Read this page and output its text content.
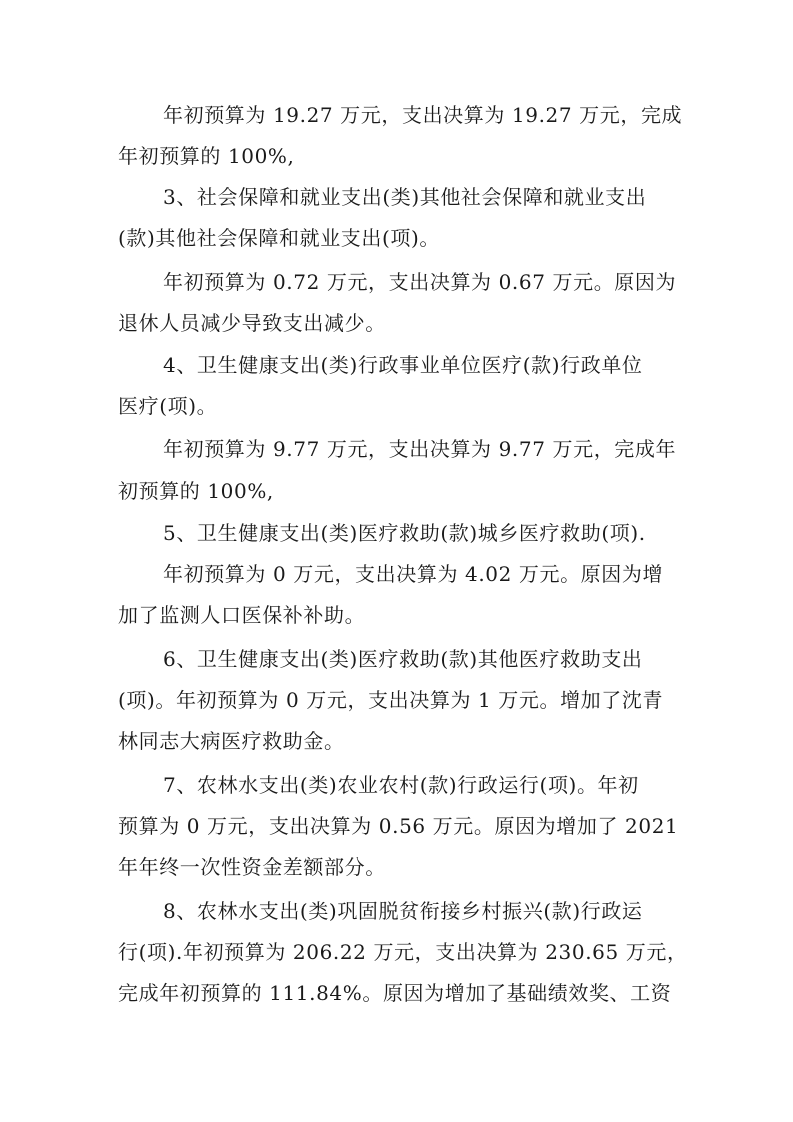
年初预算为 19.27 万元，支出决算为 19.27 万元，完成
年初预算的 100%,
3、社会保障和就业支出(类)其他社会保障和就业支出
(款)其他社会保障和就业支出(项)。
年初预算为 0.72 万元，支出决算为 0.67 万元。原因为
退休人员减少导致支出减少。
4、卫生健康支出(类)行政事业单位医疗(款)行政单位
医疗(项)。
年初预算为 9.77 万元，支出决算为 9.77 万元，完成年
初预算的 100%,
5、卫生健康支出(类)医疗救助(款)城乡医疗救助(项).
年初预算为 0 万元，支出决算为 4.02 万元。原因为增
加了监测人口医保补补助。
6、卫生健康支出(类)医疗救助(款)其他医疗救助支出
(项)。年初预算为 0 万元，支出决算为 1 万元。增加了沈青
林同志大病医疗救助金。
7、农林水支出(类)农业农村(款)行政运行(项)。年初
预算为 0 万元，支出决算为 0.56 万元。原因为增加了 2021
年年终一次性资金差额部分。
8、农林水支出(类)巩固脱贫衔接乡村振兴(款)行政运
行(项).年初预算为 206.22 万元，支出决算为 230.65 万元，
完成年初预算的 111.84%。原因为增加了基础绩效奖、工资
